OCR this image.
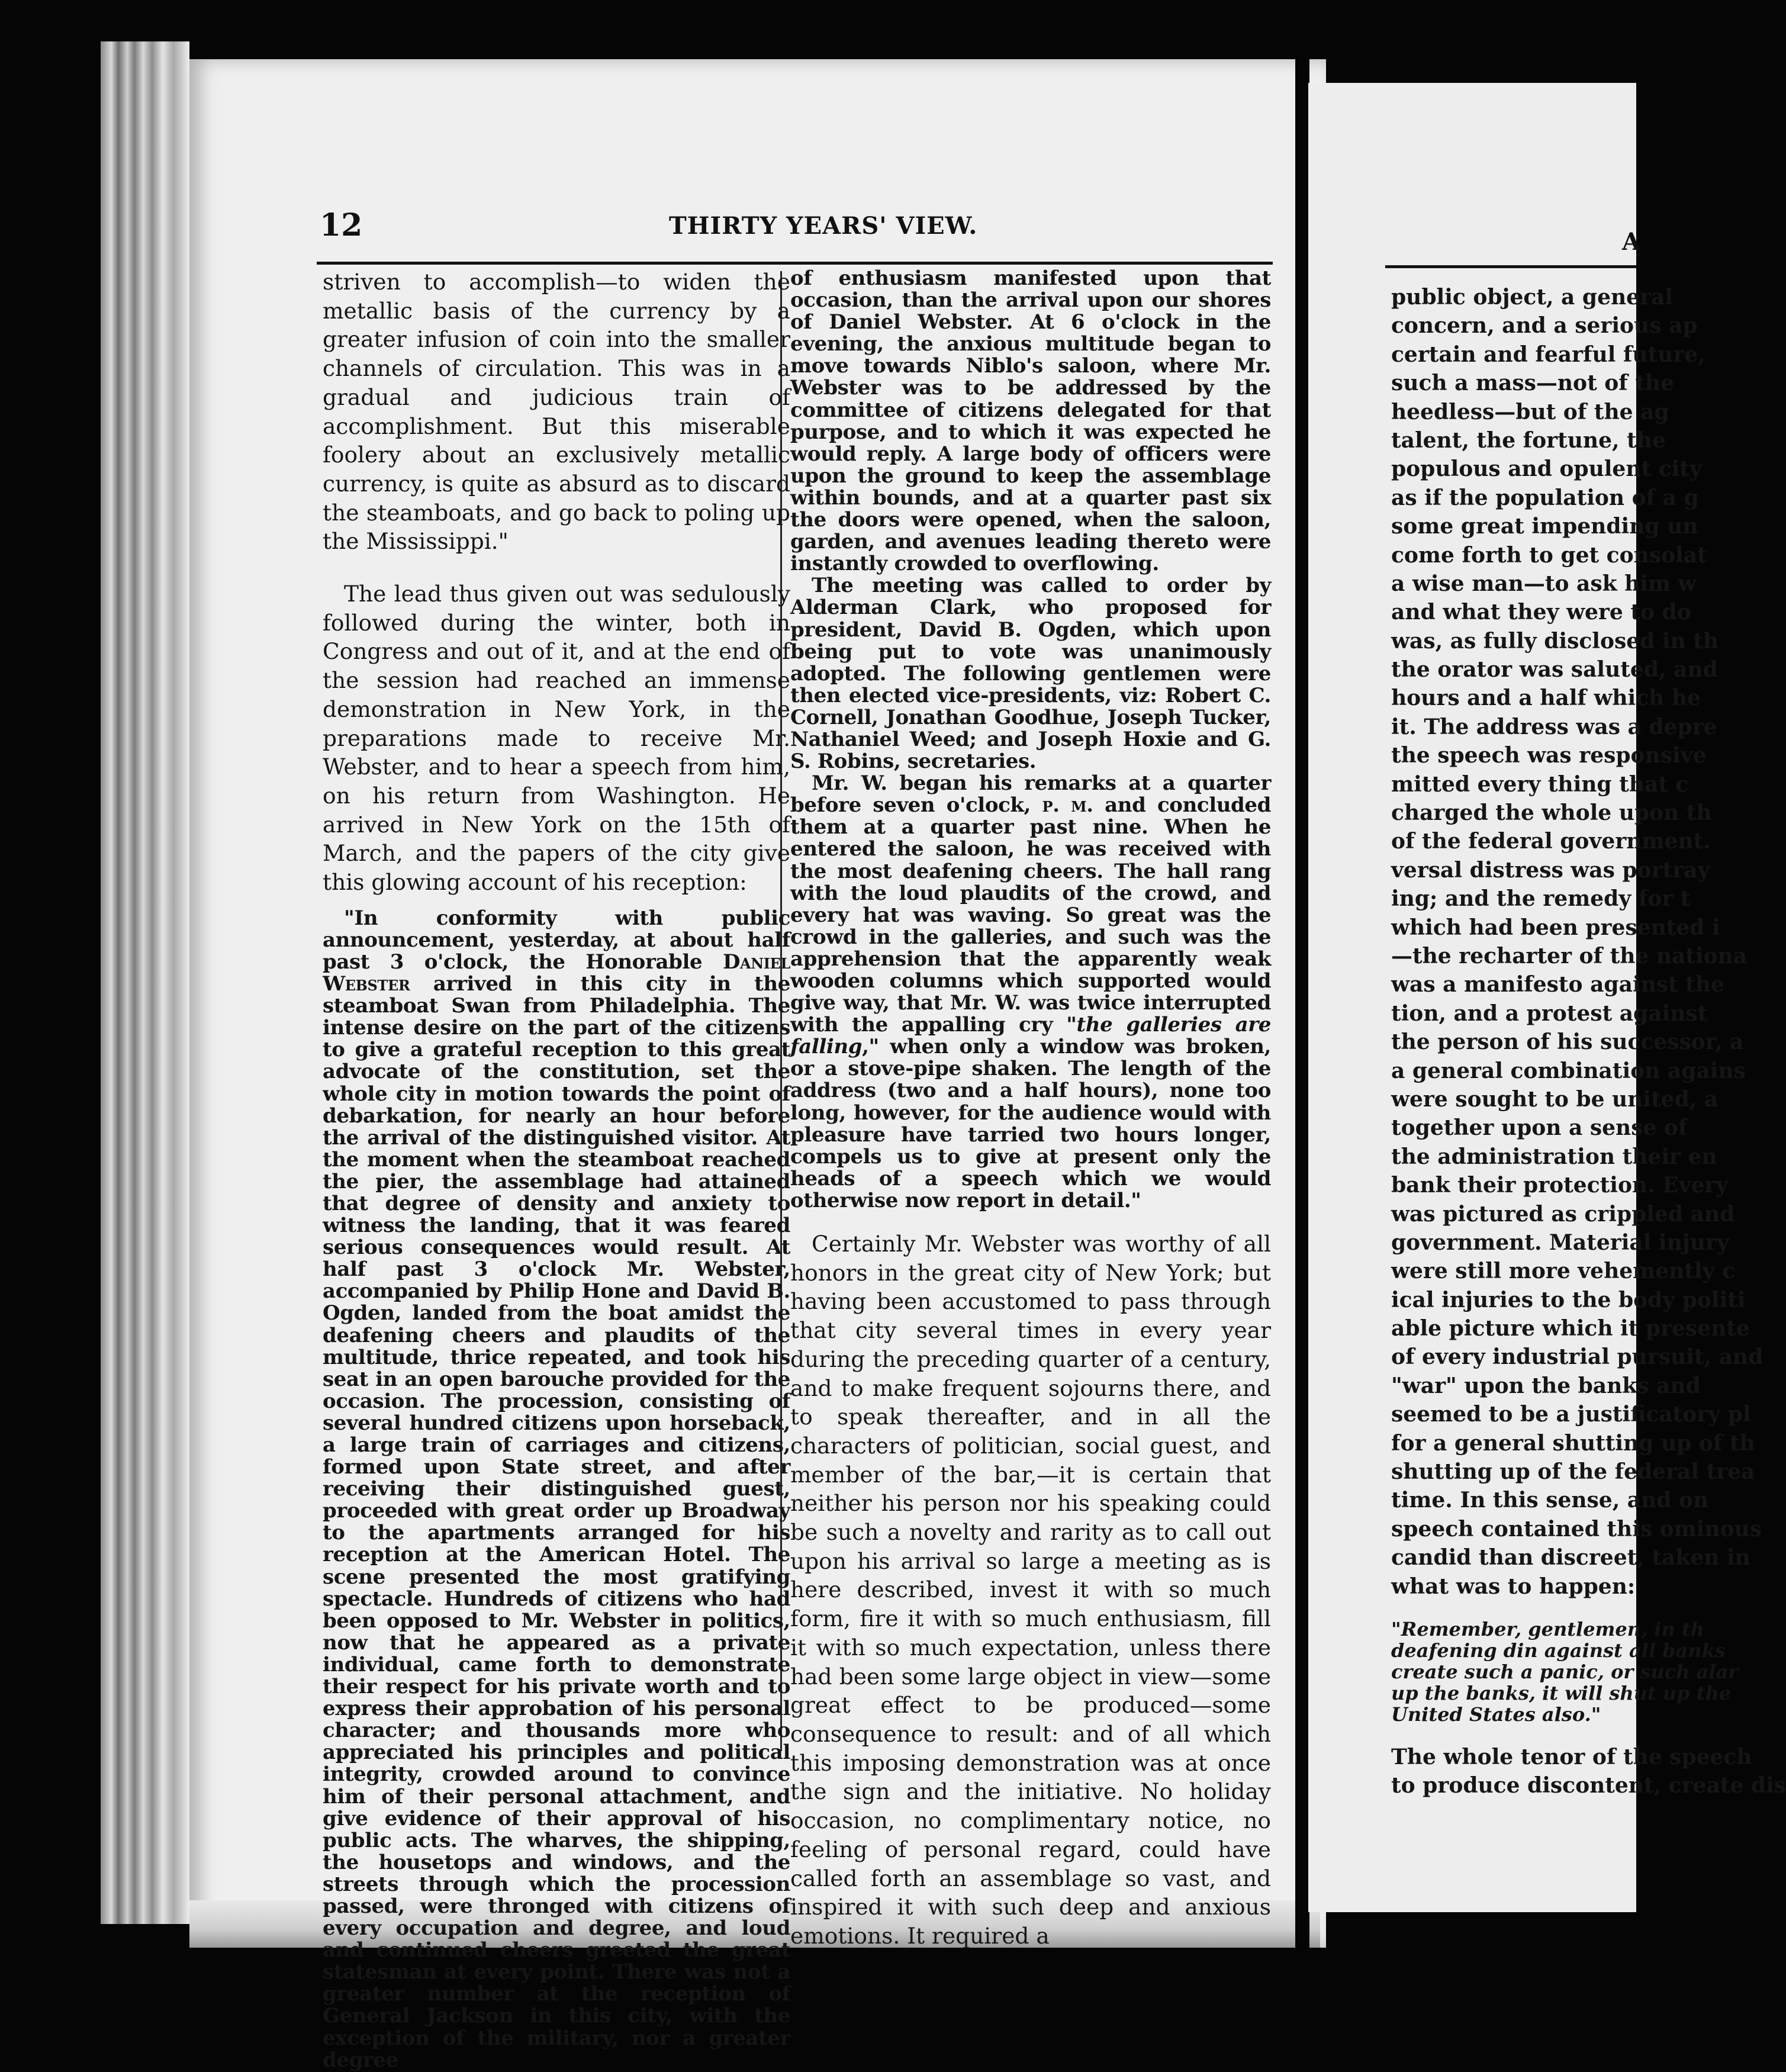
12	THIRTY YEARS' VIEW.

striven to accomplish—to widen the metallic basis of the currency by a greater infusion of coin into the smaller channels of circulation. This was in a gradual and judicious train of accomplishment. But this miserable foolery about an exclusively metallic currency, is quite as absurd as to discard the steamboats, and go back to poling up the Mississippi."

The lead thus given out was sedulously followed during the winter, both in Congress and out of it, and at the end of the session had reached an immense demonstration in New York, in the preparations made to receive Mr. Webster, and to hear a speech from him, on his return from Washington. He arrived in New York on the 15th of March, and the papers of the city give this glowing account of his reception:

"In conformity with public announcement, yesterday, at about half past 3 o'clock, the Honorable Daniel Webster arrived in this city in the steamboat Swan from Philadelphia. The intense desire on the part of the citizens to give a grateful reception to this great advocate of the constitution, set the whole city in motion towards the point of debarkation, for nearly an hour before the arrival of the distinguished visitor. At the moment when the steamboat reached the pier, the assemblage had attained that degree of density and anxiety to witness the landing, that it was feared serious consequences would result. At half past 3 o'clock Mr. Webster, accompanied by Philip Hone and David B. Ogden, landed from the boat amidst the deafening cheers and plaudits of the multitude, thrice repeated, and took his seat in an open barouche provided for the occasion. The procession, consisting of several hundred citizens upon horseback, a large train of carriages and citizens, formed upon State street, and after receiving their distinguished guest, proceeded with great order up Broadway to the apartments arranged for his reception at the American Hotel. The scene presented the most gratifying spectacle. Hundreds of citizens who had been opposed to Mr. Webster in politics, now that he appeared as a private individual, came forth to demonstrate their respect for his private worth and to express their approbation of his personal character; and thousands more who appreciated his principles and political integrity, crowded around to convince him of their personal attachment, and give evidence of their approval of his public acts. The wharves, the shipping, the housetops and windows, and the streets through which the procession passed, were thronged with citizens of every occupation and degree, and loud and continued cheers greeted the great statesman at every point. There was not a greater number at the reception of General Jackson in this city, with the exception of the military, nor a greater degree

of enthusiasm manifested upon that occasion, than the arrival upon our shores of Daniel Webster. At 6 o'clock in the evening, the anxious multitude began to move towards Niblo's saloon, where Mr. Webster was to be addressed by the committee of citizens delegated for that purpose, and to which it was expected he would reply. A large body of officers were upon the ground to keep the assemblage within bounds, and at a quarter past six the doors were opened, when the saloon, garden, and avenues leading thereto were instantly crowded to overflowing.

The meeting was called to order by Alderman Clark, who proposed for president, David B. Ogden, which upon being put to vote was unanimously adopted. The following gentlemen were then elected vice-presidents, viz: Robert C. Cornell, Jonathan Goodhue, Joseph Tucker, Nathaniel Weed; and Joseph Hoxie and G. S. Robins, secretaries.

Mr. W. began his remarks at a quarter before seven o'clock, p. m. and concluded them at a quarter past nine. When he entered the saloon, he was received with the most deafening cheers. The hall rang with the loud plaudits of the crowd, and every hat was waving. So great was the crowd in the galleries, and such was the apprehension that the apparently weak wooden columns which supported would give way, that Mr. W. was twice interrupted with the appalling cry "the galleries are falling," when only a window was broken, or a stove-pipe shaken. The length of the address (two and a half hours), none too long, however, for the audience would with pleasure have tarried two hours longer, compels us to give at present only the heads of a speech which we would otherwise now report in detail."

Certainly Mr. Webster was worthy of all honors in the great city of New York; but having been accustomed to pass through that city several times in every year during the preceding quarter of a century, and to make frequent sojourns there, and to speak thereafter, and in all the characters of politician, social guest, and member of the bar,—it is certain that neither his person nor his speaking could be such a novelty and rarity as to call out upon his arrival so large a meeting as is here described, invest it with so much form, fire it with so much enthusiasm, fill it with so much expectation, unless there had been some large object in view—some great effect to be produced—some consequence to result: and of all which this imposing demonstration was at once the sign and the initiative. No holiday occasion, no complimentary notice, no feeling of personal regard, could have called forth an assemblage so vast, and inspired it with such deep and anxious emotions. It required a

A
public object, a general
concern, and a serious ap
certain and fearful future,
such a mass—not of the
heedless—but of the ag
talent, the fortune, the
populous and opulent city
as if the population of a g
some great impending un
come forth to get consolat
a wise man—to ask him w
and what they were to do
was, as fully disclosed in th
the orator was saluted, and
hours and a half which he
it. The address was a depre
the speech was responsive
mitted every thing that c
charged the whole upon th
of the federal government.
versal distress was portray
ing; and the remedy for t
which had been presented i
—the recharter of the nationa
was a manifesto against the
tion, and a protest against
the person of his successor, a
a general combination agains
were sought to be united, a
together upon a sense of
the administration their en
bank their protection. Every
was pictured as crippled and
government. Material injury
were still more vehemently c
ical injuries to the body politi
able picture which it presente
of every industrial pursuit, and
"war" upon the banks and
seemed to be a justificatory pl
for a general shutting up of th
shutting up of the federal trea
time. In this sense, and on
speech contained this ominous
candid than discreet, taken in
what was to happen:
"Remember, gentlemen, in th
deafening din against all banks
create such a panic, or such alar
up the banks, it will shut up the
United States also."
The whole tenor of the speech
to produce discontent, create dis
